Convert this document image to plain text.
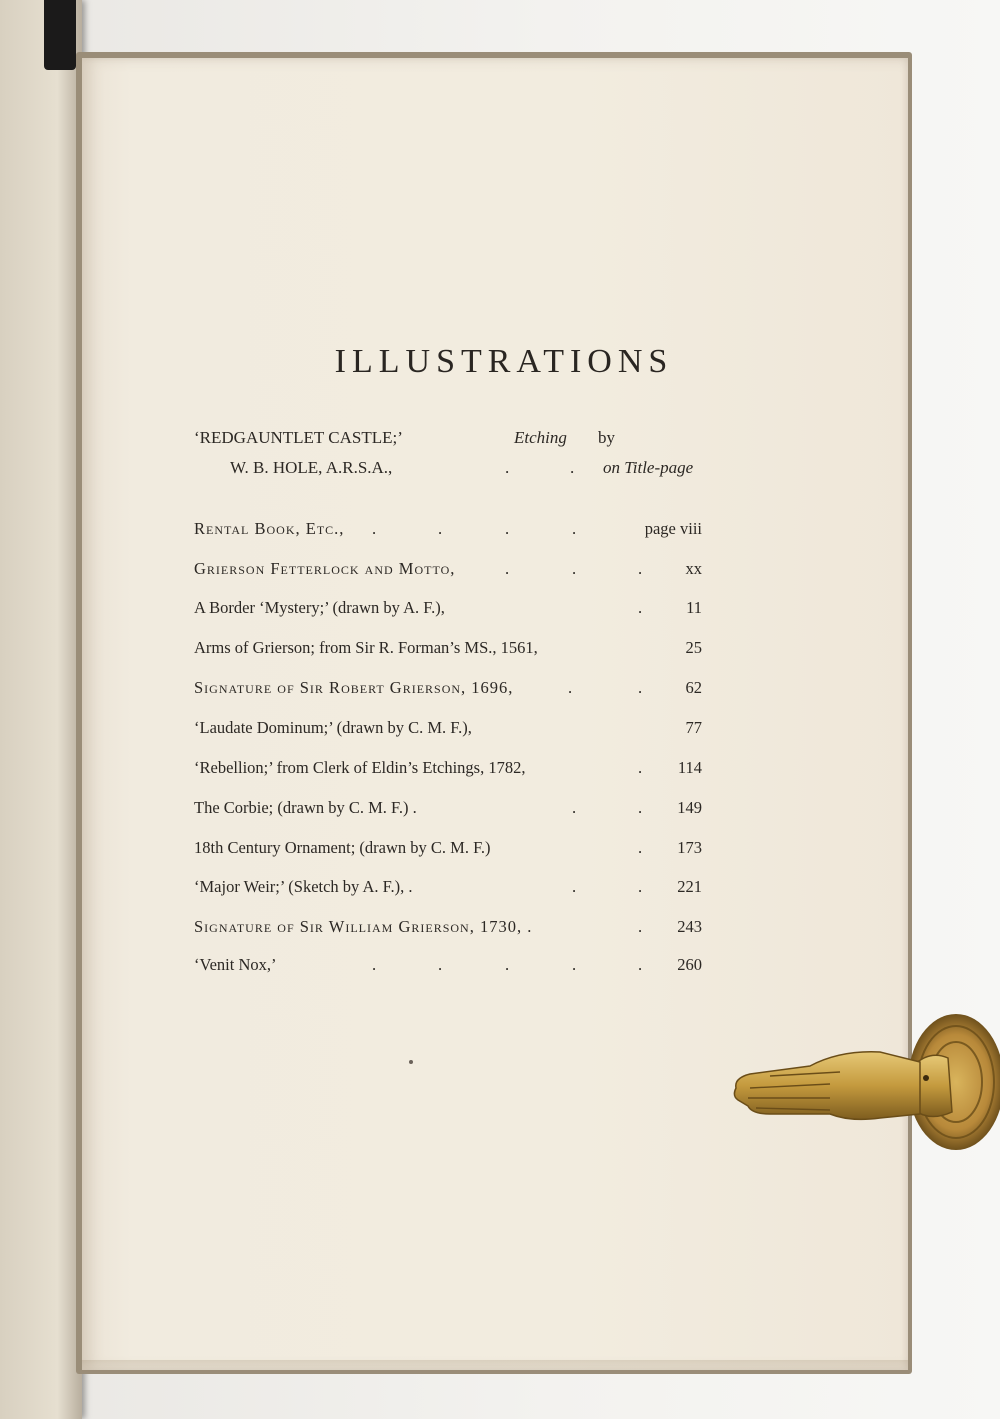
ILLUSTRATIONS
‘REDGAUNTLET CASTLE;’	Etching by
W. B. HOLE, A.R.S.A.,	.	. on Title-page
Rental Book, Etc., .	.	.	.	page viii
Grierson Fetterlock and Motto,	.	.	.	xx
A Border ‘Mystery;’ (drawn by A. F.),	.	11
Arms of Grierson; from Sir R. Forman’s MS., 1561,	25
Signature of Sir Robert Grierson, 1696,	.	.	62
‘Laudate Dominum;’ (drawn by C. M. F.),	77
‘Rebellion;’ from Clerk of Eldin’s Etchings, 1782,	. 114
The Corbie; (drawn by C. M. F.) .	.	. 149
18th Century Ornament; (drawn by C. M. F.)	. 173
‘Major Weir;’ (Sketch by A. F.), .	.	. 221
Signature of Sir William Grierson, 1730, .	. 243
‘Venit Nox,’	.	.	.	.	. 260
